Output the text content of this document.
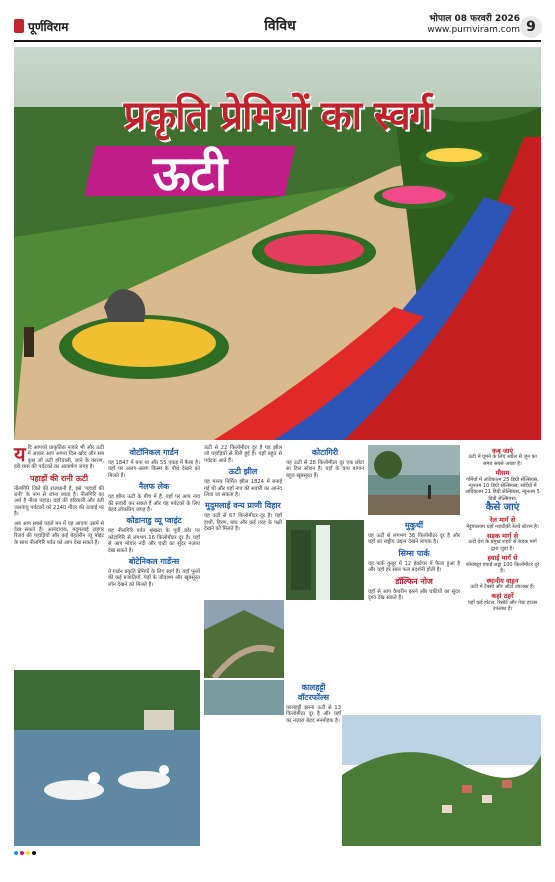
पूर्णविराम	विविध	भोपाल 08 फरवरी 2026
www.purnviram.com 9
प्रकृति प्रेमियों का स्वर्ग
ऊटी
य दि आपको प्राकृतिक नज़ारे भी और ऊटी में आकर आप अपना दिल खोद और सब कुछ जो ऊटी हरियाली, जाने के कारण, हरी घास की पर्यटकों का आकर्षण जगह है।

पहाड़ों की रानी ऊटी

नीलगिरि जिले की राजधानी है, इसे 'पहाड़ों की रानी' के नाम से जाना जाता है। नीलगिरि का अर्थ है नीला पहाड़। यहाँ की हरियाली और ठंडी जलवायु पर्यटकों को 2240 मीटर की ऊंचाई पर है।

अब आप सबसे पहले मन में यह आएगा उसमें से देख सकते हैं। आनंदायक, मदुमलाई टाइगर रिज़र्व की पहाड़ियों और कई बेहतरीन व्यू पॉइंट के साथ नीलगिरि पर्वत को आप देख सकते हैं।

वोटॉनिकल गार्डन

यह 1847 में बना था और 55 एकड़ में फैला है। यहाँ पर अलग-अलग किस्म के पौधे देखने को मिलते हैं।

नैलफ लेक

यह झील ऊटी के बीच में है, यहाँ पर आप नाव की सवारी कर सकते हैं और यह पर्यटकों के लिए बेहद लोकप्रिय जगह है।

कोडानाडु व्यू प्वाइंट

यह नीलगिरि पर्वत श्रृंखला के पूर्वी छोर पर कोटागिरि से लगभग 16 किलोमीटर दूर है। यहाँ से आप मोयार नदी और घाटी का सुंदर नज़ारा देख सकते हैं।

बोटेनिकल गार्डेन्स

ये गार्डन प्रकृति प्रेमियों के लिए स्वर्ग हैं। यहाँ फूलों की कई प्रजातियाँ, पेड़ों के जीवाश्म और खूबसूरत लॉन देखने को मिलते हैं।

ऊटी से 22 किलोमीटर दूर है यह झील जो पहाड़ियों से घिरी हुई है। यहाँ बहुत से पर्यटक आते हैं।

ऊटी झील

यह मानव निर्मित झील 1824 में बनाई गई थी और यहाँ नाव की सवारी का आनंद लिया जा सकता है।

मुदुमलाई वन्य प्राणी विहार

यह ऊटी से 67 किलोमीटर दूर है। यहाँ हाथी, हिरण, बाघ और कई तरह के पक्षी देखने को मिलते हैं।

कोटागिरी

यह ऊटी से 28 किलोमीटर दूर एक छोटा सा हिल स्टेशन है। यहाँ के चाय बागान बहुत खूबसूरत हैं।

मुकुर्थी

यह ऊटी से लगभग 36 किलोमीटर दूर है और यहाँ का राष्ट्रीय उद्यान देखने लायक है।

सिम्स पार्क

यह पार्क कुन्नूर में 12 हेक्टेयर में फैला हुआ है और यहाँ हर साल फल प्रदर्शनी होती है।

डॉल्फिन नोज

यहाँ से आप कैथरीन झरने और घाटियों का सुंदर दृश्य देख सकते हैं।

कालहट्टी वॉटरफॉल्स

कालहट्टी झरना ऊटी से 13 किलोमीटर दूर है और यहाँ का नज़ारा बेहद मनमोहक है।

कब जाएं
ऊटी में घूमने के लिए अप्रैल से जून का समय सबसे अच्छा है।
मौसम
गर्मियों में अधिकतम 25 डिग्री सेल्सियस, न्यूनतम 10 डिग्री सेल्सियस; सर्दियों में अधिकतम 21 डिग्री सेल्सियस, न्यूनतम 5 डिग्री सेल्सियस।
कैसे जाएं
रेल मार्ग से
मेट्टुपालयम यहाँ नज़दीकी रेलवे स्टेशन है।
सड़क मार्ग से
ऊटी देश के प्रमुख शहरों से सड़क मार्ग द्वारा जुड़ा है।
हवाई मार्ग से
कोयंबटूर हवाई अड्डा 100 किलोमीटर दूर है।
स्थानीय वाहन
ऊटी में टैक्सी और ऑटो उपलब्ध हैं।
कहां ठहरें
यहाँ कई होटल, रिसॉर्ट और गेस्ट हाउस उपलब्ध हैं।
